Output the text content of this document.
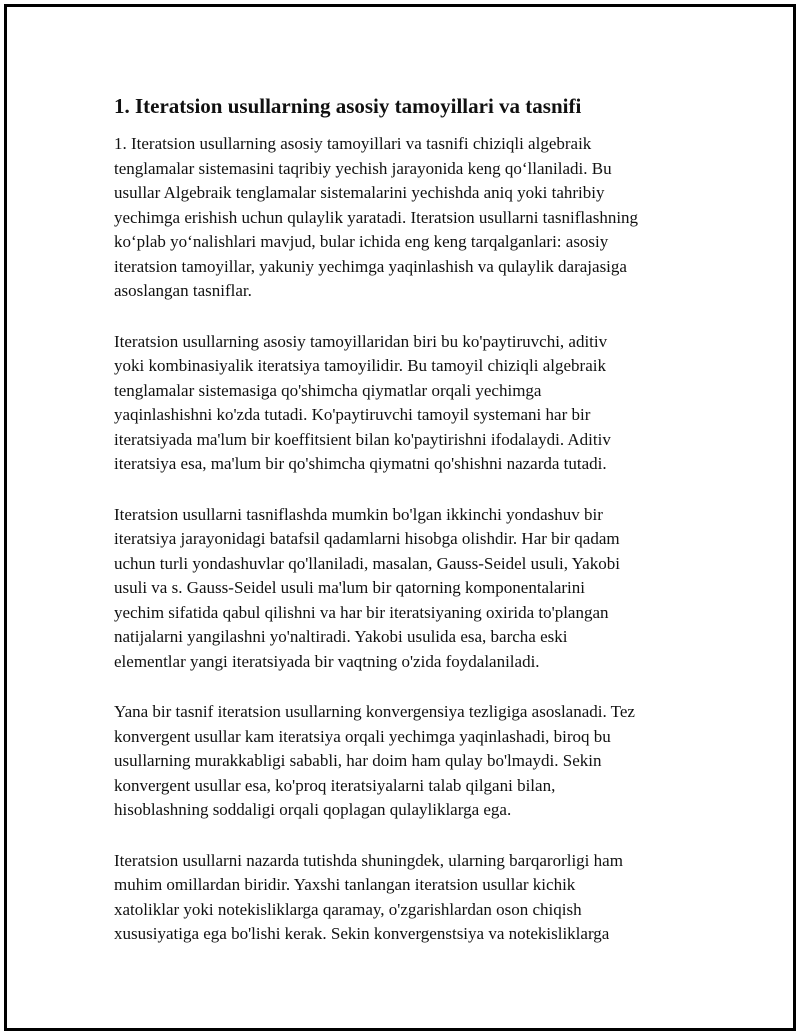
1. Iteratsion usullarning asosiy tamoyillari va tasnifi

1. Iteratsion usullarning asosiy tamoyillari va tasnifi chiziqli algebraik
tenglamalar sistemasini taqribiy yechish jarayonida keng qo‘llaniladi. Bu
usullar Algebraik tenglamalar sistemalarini yechishda aniq yoki tahribiy
yechimga erishish uchun qulaylik yaratadi. Iteratsion usullarni tasniflashning
ko‘plab yo‘nalishlari mavjud, bular ichida eng keng tarqalganlari: asosiy
iteratsion tamoyillar, yakuniy yechimga yaqinlashish va qulaylik darajasiga
asoslangan tasniflar.

Iteratsion usullarning asosiy tamoyillaridan biri bu ko'paytiruvchi, aditiv
yoki kombinasiyalik iteratsiya tamoyilidir. Bu tamoyil chiziqli algebraik
tenglamalar sistemasiga qo'shimcha qiymatlar orqali yechimga
yaqinlashishni ko'zda tutadi. Ko'paytiruvchi tamoyil systemani har bir
iteratsiyada ma'lum bir koeffitsient bilan ko'paytirishni ifodalaydi. Aditiv
iteratsiya esa, ma'lum bir qo'shimcha qiymatni qo'shishni nazarda tutadi.

Iteratsion usullarni tasniflashda mumkin bo'lgan ikkinchi yondashuv bir
iteratsiya jarayonidagi batafsil qadamlarni hisobga olishdir. Har bir qadam
uchun turli yondashuvlar qo'llaniladi, masalan, Gauss-Seidel usuli, Yakobi
usuli va s. Gauss-Seidel usuli ma'lum bir qatorning komponentalarini
yechim sifatida qabul qilishni va har bir iteratsiyaning oxirida to'plangan
natijalarni yangilashni yo'naltiradi. Yakobi usulida esa, barcha eski
elementlar yangi iteratsiyada bir vaqtning o'zida foydalaniladi.

Yana bir tasnif iteratsion usullarning konvergensiya tezligiga asoslanadi. Tez
konvergent usullar kam iteratsiya orqali yechimga yaqinlashadi, biroq bu
usullarning murakkabligi sababli, har doim ham qulay bo'lmaydi. Sekin
konvergent usullar esa, ko'proq iteratsiyalarni talab qilgani bilan,
hisoblashning soddaligi orqali qoplagan qulayliklarga ega.

Iteratsion usullarni nazarda tutishda shuningdek, ularning barqarorligi ham
muhim omillardan biridir. Yaxshi tanlangan iteratsion usullar kichik
xatoliklar yoki notekisliklarga qaramay, o'zgarishlardan oson chiqish
xususiyatiga ega bo'lishi kerak. Sekin konvergenstsiya va notekisliklarga
